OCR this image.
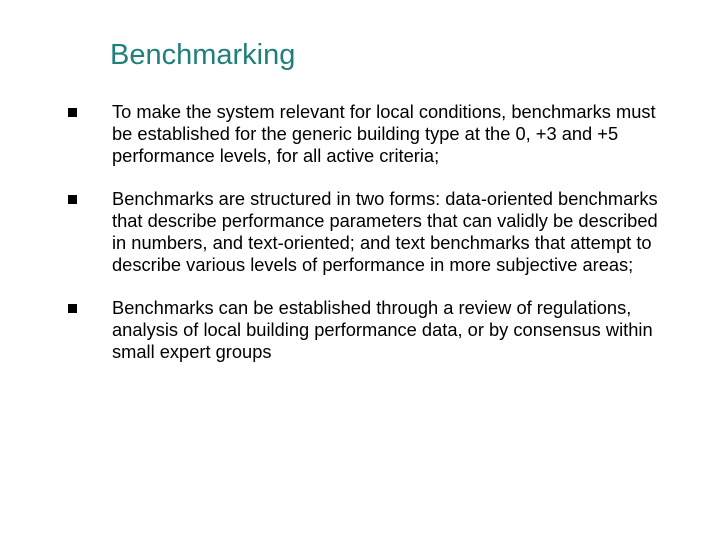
Benchmarking
To make the system relevant for local conditions, benchmarks must be established for the generic building type at the 0, +3 and +5 performance levels, for all active criteria;
Benchmarks are structured in two forms: data-oriented benchmarks that describe performance parameters that can validly be described in numbers, and text-oriented; and text benchmarks that attempt to describe various levels of performance in more subjective areas;
Benchmarks can be established through a review of regulations, analysis of local building performance data, or by consensus within small expert groups
